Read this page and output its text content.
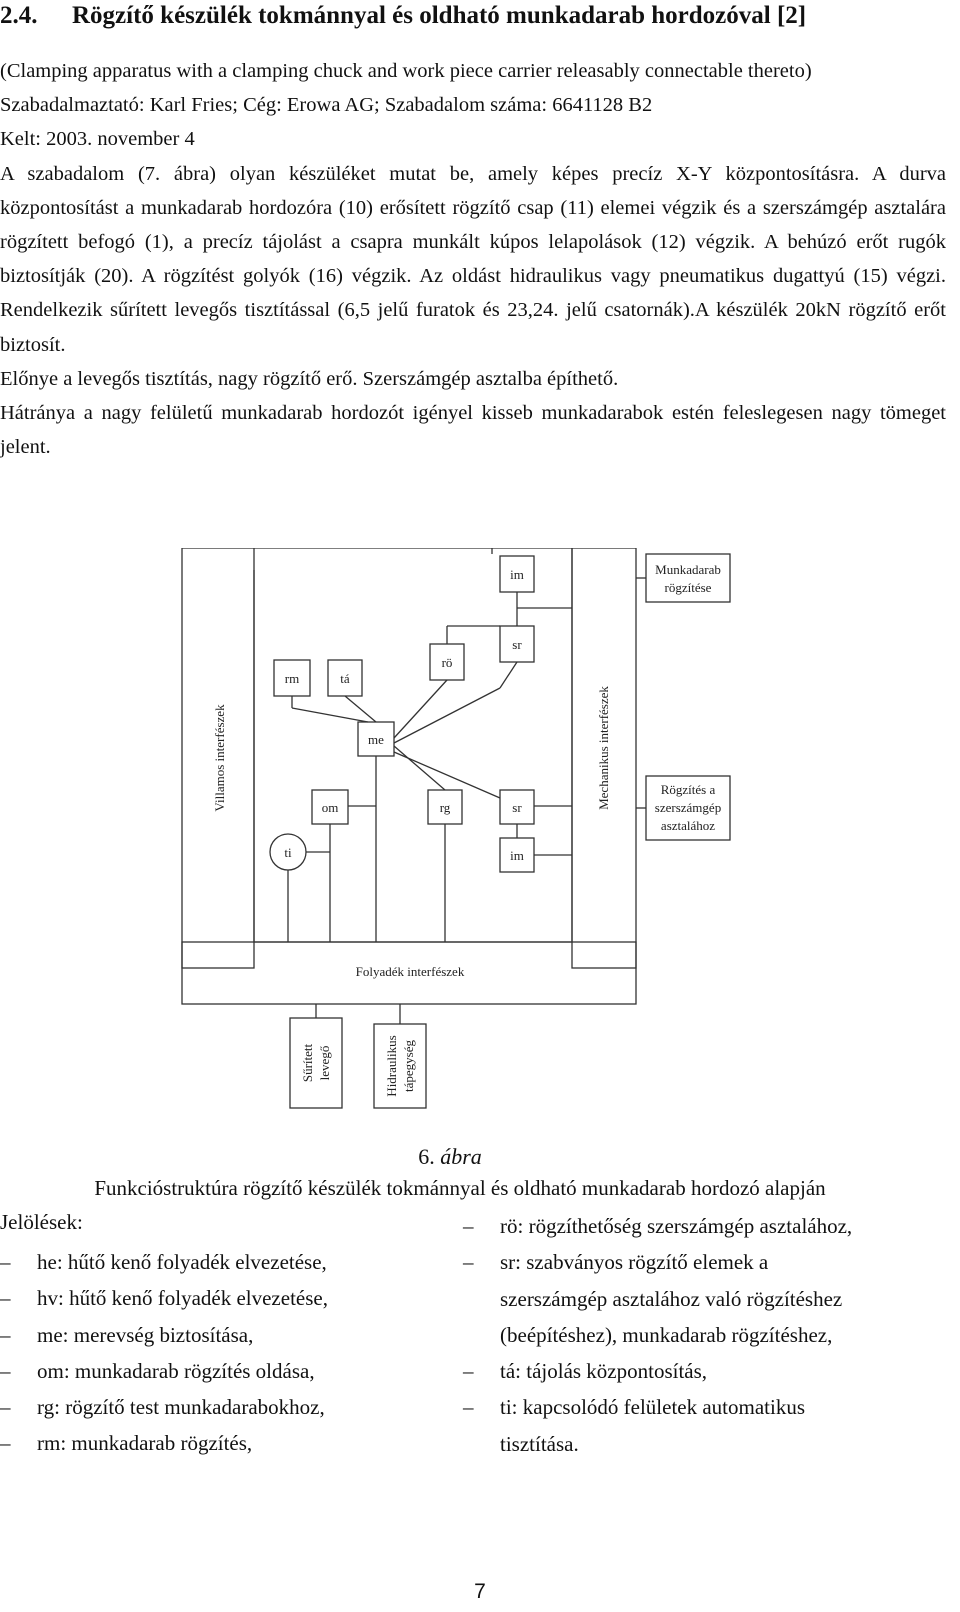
2.4. Rögzítő készülék tokmánnyal és oldható munkadarab hordozóval [2]

(Clamping apparatus with a clamping chuck and work piece carrier releasably connectable thereto)

Szabadalmaztató: Karl Fries; Cég: Erowa AG; Szabadalom száma: 6641128 B2

Kelt: 2003. november 4

A szabadalom (7. ábra) olyan készüléket mutat be, amely képes precíz X-Y központosításra. A durva központosítást a munkadarab hordozóra (10) erősített rögzítő csap (11) elemei végzik és a szerszámgép asztalára rögzített befogó (1), a precíz tájolást a csapra munkált kúpos lelapolások (12) végzik. A behúzó erőt rugók biztosítják (20). A rögzítést golyók (16) végzik. Az oldást hidraulikus vagy pneumatikus dugattyú (15) végzi. Rendelkezik sűrített levegős tisztítással (6,5 jelű furatok és 23,24. jelű csatornák).A készülék 20kN rögzítő erőt biztosít.

Előnye a levegős tisztítás, nagy rögzítő erő. Szerszámgép asztalba építhető.

Hátránya a nagy felületű munkadarab hordozót igényel kisseb munkadarabok estén feleslegesen nagy tömeget jelent.

im
sr
rö
rm	tá
me
om	rg	sr
im
ti
Munkadarab
rögzítése
Rögzítés a
szerszámgép
asztalához
Folyadék interfészek
Villamos interfészek	Mechanikus interfészek
Sűrített levegő	Hidraulikus tápegység
6. ábra
Funkcióstruktúra rögzítő készülék tokmánnyal és oldható munkadarab hordozó alapján
Jelölések:
– he: hűtő kenő folyadék elvezetése,
– hv: hűtő kenő folyadék elvezetése,
– me: merevség biztosítása,
– om: munkadarab rögzítés oldása,
– rg: rögzítő test munkadarabokhoz,
– rm: munkadarab rögzítés,
– rö: rögzíthetőség szerszámgép asztalához,
– sr: szabványos rögzítő elemek a
szerszámgép asztalához való rögzítéshez
(beépítéshez), munkadarab rögzítéshez,
– tá: tájolás központosítás,
– ti: kapcsolódó felületek automatikus
tisztítása.
7
